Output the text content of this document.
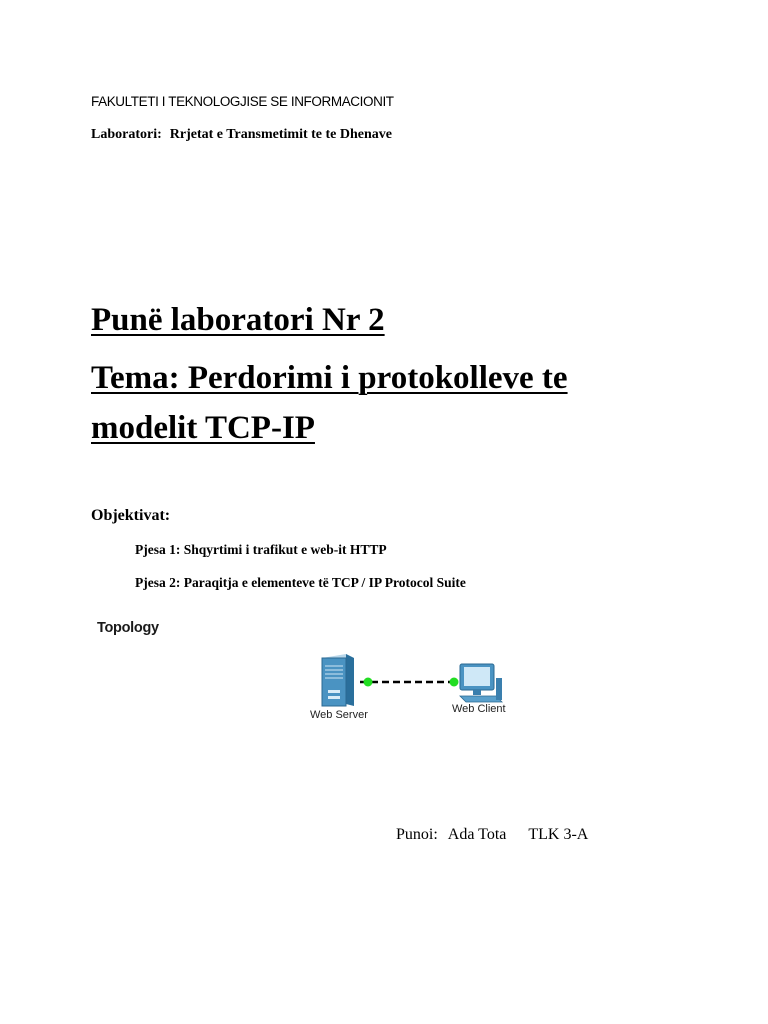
FAKULTETI I TEKNOLOGJISE SE INFORMACIONIT
Laboratori: Rrjetat e Transmetimit te te Dhenave
Punë laboratori Nr 2
Tema: Perdorimi i protokolleve te
modelit TCP-IP
Objektivat:
Pjesa 1: Shqyrtimi i trafikut e web-it HTTP
Pjesa 2: Paraqitja e elementeve të TCP / IP Protocol Suite
Topology
Web Server	Web Client
Punoi: Ada Tota TLK 3-A
